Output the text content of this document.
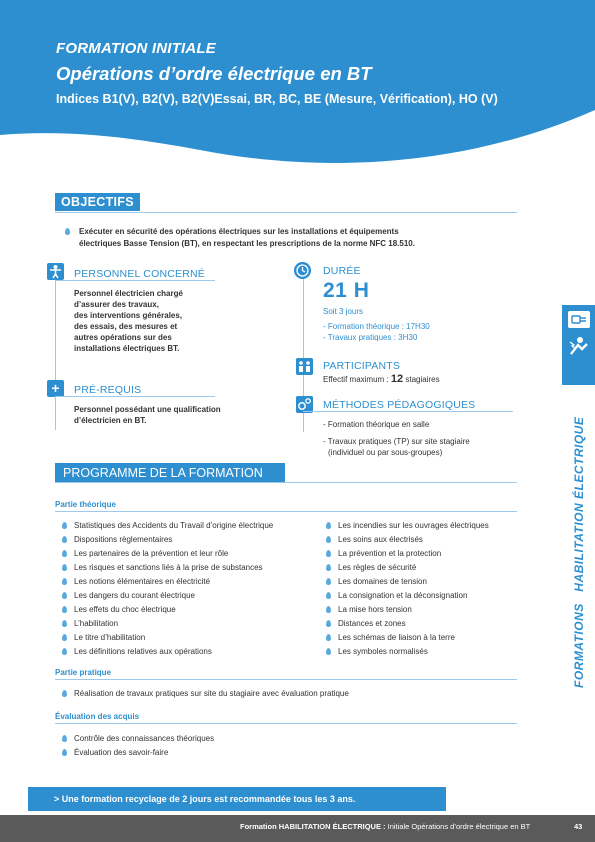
FORMATION INITIALE
Opérations d’ordre électrique en BT
Indices B1(V), B2(V), B2(V)Essai, BR, BC, BE (Mesure, Vérification), HO (V)
FORMATIONS   HABILITATION ÉLECTRIQUE
OBJECTIFS
Exécuter en sécurité des opérations électriques sur les installations et équipements
électriques Basse Tension (BT), en respectant les prescriptions de la norme NFC 18.510.
PERSONNEL CONCERNÉ
Personnel électricien chargé
d’assurer des travaux,
des interventions générales,
des essais, des mesures et
autres opérations sur des
installations électriques BT.
+	PRÉ-REQUIS
Personnel possédant une qualification
d’électricien en BT.
DURÉE
21 H
Soit 3 jours
- Formation théorique : 17H30
- Travaux pratiques : 3H30
PARTICIPANTS
Effectif maximum : 12 stagiaires
MÉTHODES PÉDAGOGIQUES
- Formation théorique en salle
- Travaux pratiques (TP) sur site stagiaire
(individuel ou par sous-groupes)
PROGRAMME DE LA FORMATION
Partie théorique
Statistiques des Accidents du Travail d’origine électrique
Dispositions règlementaires
Les partenaires de la prévention et leur rôle
Les risques et sanctions liés à la prise de substances
Les notions élémentaires en électricité
Les dangers du courant électrique
Les effets du choc électrique
L’habilitation
Le titre d’habilitation
Les définitions relatives aux opérations
Les incendies sur les ouvrages électriques
Les soins aux électrisés
La prévention et la protection
Les règles de sécurité
Les domaines de tension
La consignation et la déconsignation
La mise hors tension
Distances et zones
Les schémas de liaison à la terre
Les symboles normalisés
Partie pratique
Réalisation de travaux pratiques sur site du stagiaire avec évaluation pratique
Évaluation des acquis
Contrôle des connaissances théoriques
Évaluation des savoir-faire
> Une formation recyclage de 2 jours est recommandée tous les 3 ans.
Formation HABILITATION ÉLECTRIQUE : Initiale Opérations d’ordre électrique en BT	43
